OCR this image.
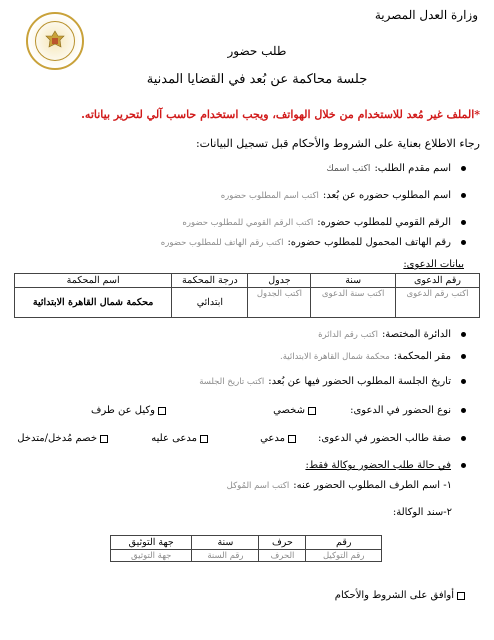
وزارة العدل المصرية
طلب حضور
جلسة محاكمة عن بُعد في القضايا المدنية
*الملف غير مُعد للاستخدام من خلال الهواتف، ويجب استخدام حاسب آلي لتحرير بياناته.
رجاء الاطلاع بعناية على الشروط والأحكام قبل تسجيل البيانات:
اسم مقدم الطلب:
اكتب اسمك
اسم المطلوب حضوره عن بُعد:
اكتب اسم المطلوب حضوره
الرقم القومي للمطلوب حضوره:
اكتب الرقم القومي للمطلوب حضوره
رقم الهاتف المحمول للمطلوب حضوره:
اكتب رقم الهاتف للمطلوب حضوره
بيانات الدعوى:
رقم الدعوى	سنة	جدول	درجة المحكمة	اسم المحكمة
اكتب رقم الدعوى	اكتب سنة الدعوى	اكتب الجدول	ابتدائي	محكمة شمال القاهرة الابتدائية
الدائرة المختصة:
اكتب رقم الدائرة
مقر المحكمة:
محكمة شمال القاهرة الابتدائية.
تاريخ الجلسة المطلوب الحضور فيها عن بُعد:
اكتب تاريخ الجلسة
نوع الحضور في الدعوى:
شخصي
وكيل عن طرف
صفة طالب الحضور في الدعوى:
مدعي
مدعى عليه
خصم مُدخل/متدخل
في حالة طلب الحضور بوكالة فقط:
١- اسم الطرف المطلوب الحضور عنه:
اكتب اسم المُوكل
٢-سند الوكالة:
رقم	حرف	سنة	جهة التوثيق
رقم التوكيل	الحرف	رقم السنة	جهة التوثيق
أوافق على الشروط والأحكام
